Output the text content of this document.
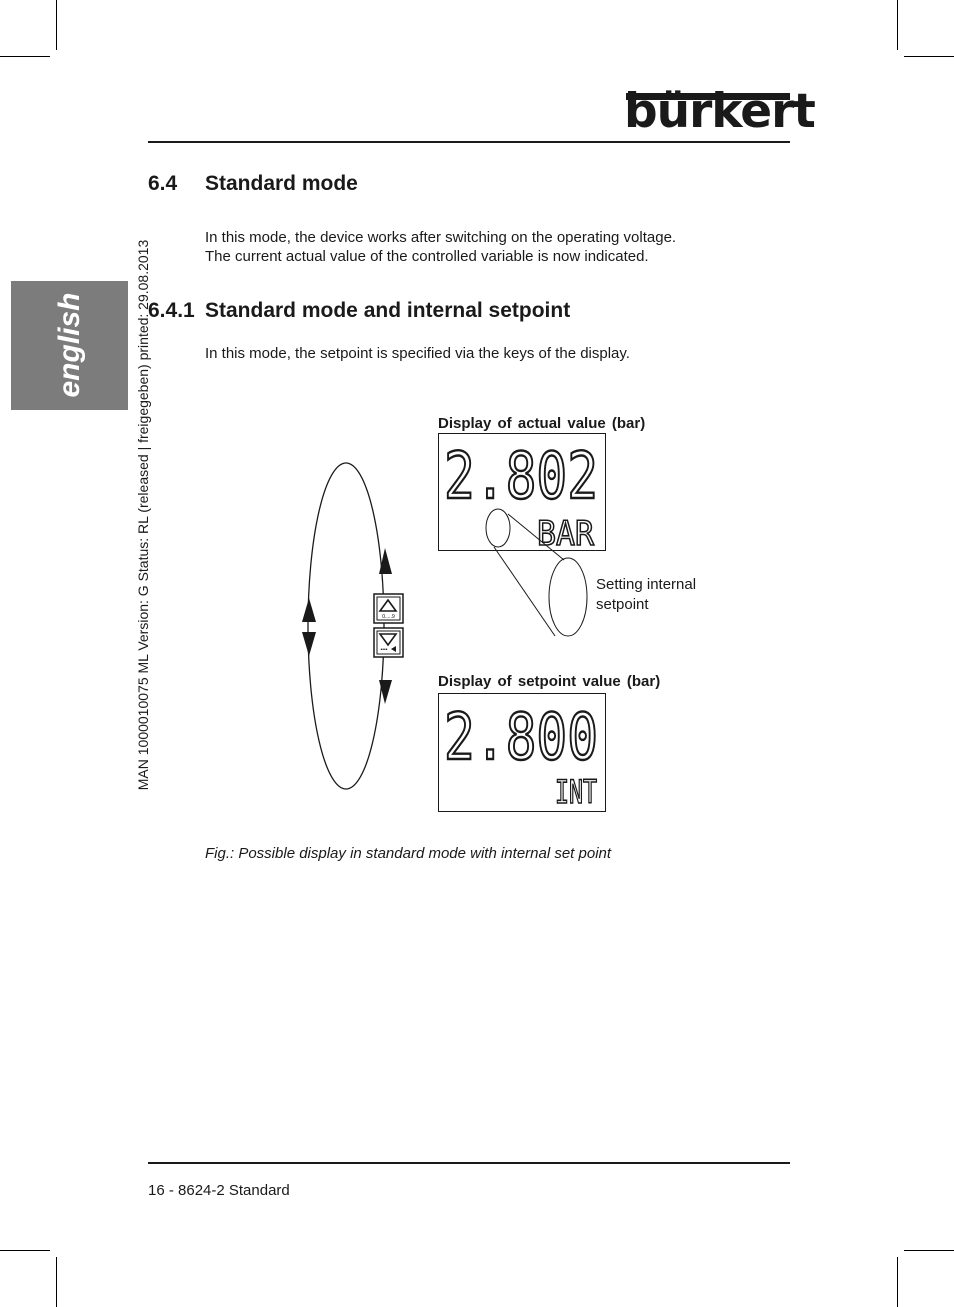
bürkert
english	MAN 1000010075 ML Version: G Status: RL (released | freigegeben) printed: 29.08.2013
6.4 Standard mode

In this mode, the device works after switching on the operating voltage.

The current actual value of the controlled variable is now indicated.

6.4.1 Standard mode and internal setpoint

In this mode, the setpoint is specified via the keys of the display.

Display of actual value (bar)
Display of setpoint value (bar)
Setting internal setpoint
0.....9
••••
2.802
BAR
2.800
INT
Fig.: Possible display in standard mode with internal set point
16 - 8624-2 Standard
